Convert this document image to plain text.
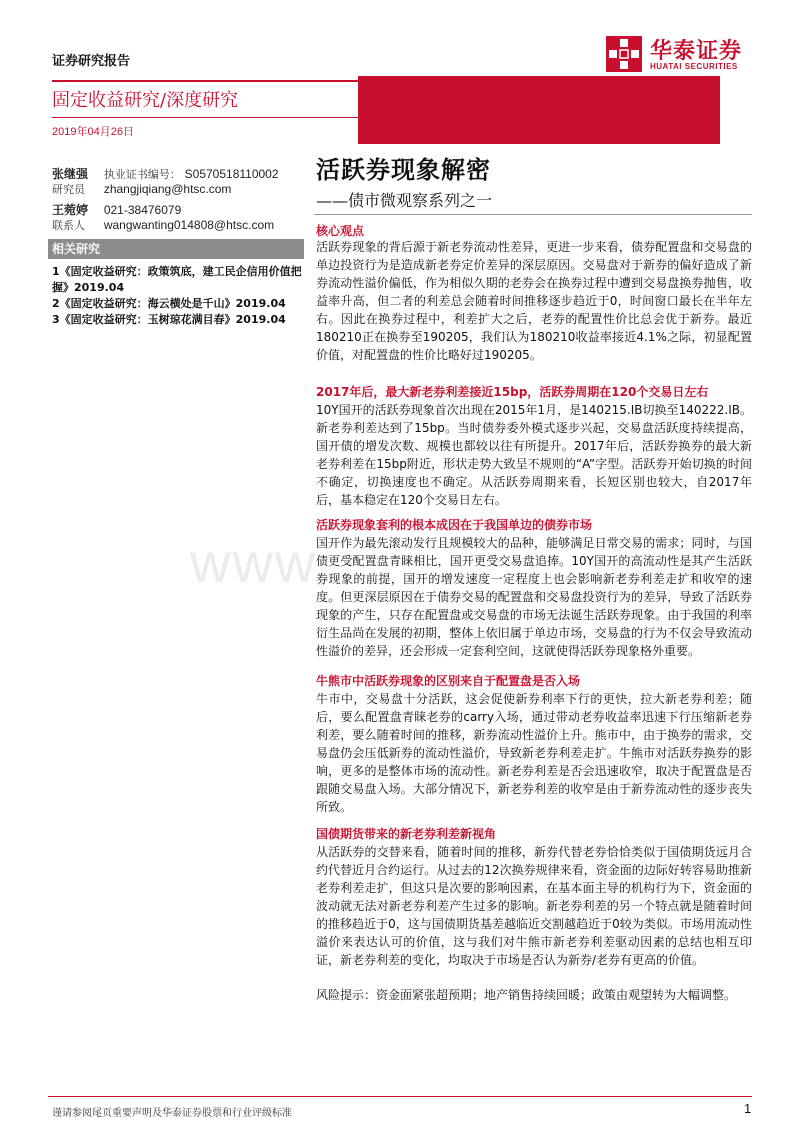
证券研究报告
固定收益研究/深度研究
2019年04月26日
华泰证券
HUATAI SECURITIES
张继强 执业证书编号： S0570518110002
研究员 zhangjiqiang@htsc.com
王菀婷 021-38476079
联系人 wangwanting014808@htsc.com
相关研究
1《固定收益研究：政策筑底，建工民企信用价值把握》2019.04
2《固定收益研究：海云横处是千山》2019.04
3《固定收益研究：玉树琼花满目春》2019.04
活跃券现象解密
——债市微观察系列之一
www.
核心观点
活跃券现象的背后源于新老券流动性差异，更进一步来看，债券配置盘和交易盘的单边投资行为是造成新老券定价差异的深层原因。交易盘对于新券的偏好造成了新券流动性溢价偏低，作为相似久期的老券会在换券过程中遭到交易盘换券抛售，收益率升高，但二者的利差总会随着时间推移逐步趋近于0，时间窗口最长在半年左右。因此在换券过程中，利差扩大之后，老券的配置性价比总会优于新券。最近180210正在换券至190205，我们认为180210收益率接近4.1%之际，初显配置价值，对配置盘的性价比略好过190205。
2017年后，最大新老券利差接近15bp，活跃券周期在120个交易日左右
10Y国开的活跃券现象首次出现在2015年1月，是140215.IB切换至140222.IB。新老券利差达到了15bp。当时债券委外模式逐步兴起，交易盘活跃度持续提高，国开债的增发次数、规模也都较以往有所提升。2017年后，活跃券换券的最大新老券利差在15bp附近，形状走势大致呈不规则的“A”字型。活跃券开始切换的时间不确定，切换速度也不确定。从活跃券周期来看，长短区别也较大，自2017年后，基本稳定在120个交易日左右。
活跃券现象套利的根本成因在于我国单边的债券市场
国开作为最先滚动发行且规模较大的品种，能够满足日常交易的需求；同时，与国债更受配置盘青睐相比，国开更受交易盘追捧。10Y国开的高流动性是其产生活跃券现象的前提，国开的增发速度一定程度上也会影响新老券利差走扩和收窄的速度。但更深层原因在于债券交易的配置盘和交易盘投资行为的差异，导致了活跃券现象的产生，只存在配置盘或交易盘的市场无法诞生活跃券现象。由于我国的利率衍生品尚在发展的初期，整体上依旧属于单边市场，交易盘的行为不仅会导致流动性溢价的差异，还会形成一定套利空间，这就使得活跃券现象格外重要。
牛熊市中活跃券现象的区别来自于配置盘是否入场
牛市中，交易盘十分活跃，这会促使新券利率下行的更快，拉大新老券利差；随后，要么配置盘青睐老券的carry入场，通过带动老券收益率迅速下行压缩新老券利差，要么随着时间的推移，新券流动性溢价上升。熊市中，由于换券的需求，交易盘仍会压低新券的流动性溢价，导致新老券利差走扩。牛熊市对活跃券换券的影响，更多的是整体市场的流动性。新老券利差是否会迅速收窄，取决于配置盘是否跟随交易盘入场。大部分情况下，新老券利差的收窄是由于新券流动性的逐步丧失所致。
国债期货带来的新老券利差新视角
从活跃券的交替来看，随着时间的推移，新券代替老券恰恰类似于国债期货远月合约代替近月合约运行。从过去的12次换券规律来看，资金面的边际好转容易助推新老券利差走扩，但这只是次要的影响因素，在基本面主导的机构行为下，资金面的波动就无法对新老券利差产生过多的影响。新老券利差的另一个特点就是随着时间的推移趋近于0，这与国债期货基差越临近交割越趋近于0较为类似。市场用流动性溢价来表达认可的价值，这与我们对牛熊市新老券利差驱动因素的总结也相互印证，新老券利差的变化，均取决于市场是否认为新券/老券有更高的价值。
风险提示：资金面紧张超预期；地产销售持续回暖；政策由观望转为大幅调整。
谨请参阅尾页重要声明及华泰证券股票和行业评级标准	1
